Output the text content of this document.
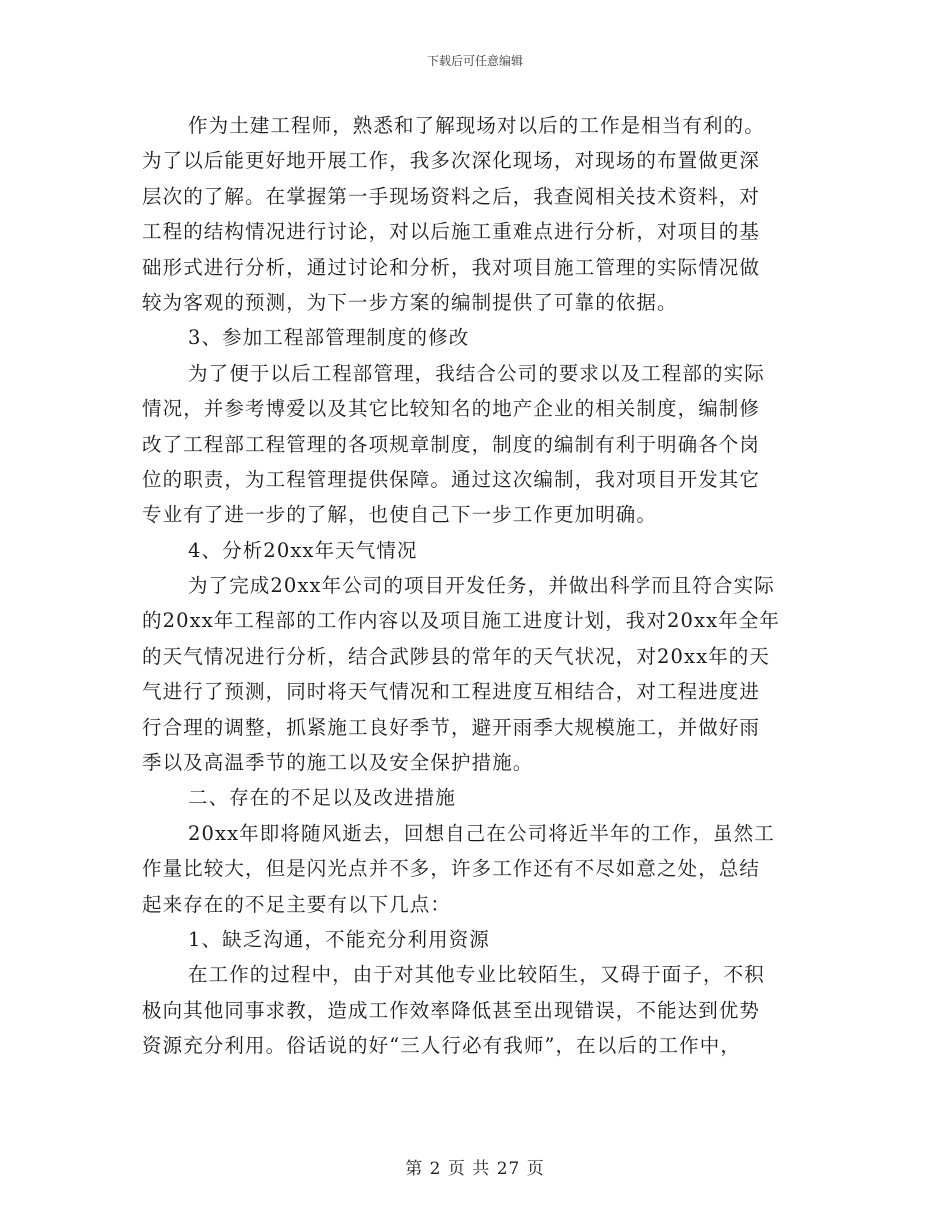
下载后可任意编辑
作为土建工程师，熟悉和了解现场对以后的工作是相当有利的。
为了以后能更好地开展工作，我多次深化现场，对现场的布置做更深
层次的了解。在掌握第一手现场资料之后，我查阅相关技术资料，对
工程的结构情况进行讨论，对以后施工重难点进行分析，对项目的基
础形式进行分析，通过讨论和分析，我对项目施工管理的实际情况做
较为客观的预测，为下一步方案的编制提供了可靠的依据。
3、参加工程部管理制度的修改
为了便于以后工程部管理，我结合公司的要求以及工程部的实际
情况，并参考博爱以及其它比较知名的地产企业的相关制度，编制修
改了工程部工程管理的各项规章制度，制度的编制有利于明确各个岗
位的职责，为工程管理提供保障。通过这次编制，我对项目开发其它
专业有了进一步的了解，也使自己下一步工作更加明确。
4、分析20xx年天气情况
为了完成20xx年公司的项目开发任务，并做出科学而且符合实际
的20xx年工程部的工作内容以及项目施工进度计划，我对20xx年全年
的天气情况进行分析，结合武陟县的常年的天气状况，对20xx年的天
气进行了预测，同时将天气情况和工程进度互相结合，对工程进度进
行合理的调整，抓紧施工良好季节，避开雨季大规模施工，并做好雨
季以及高温季节的施工以及安全保护措施。
二、存在的不足以及改进措施
20xx年即将随风逝去，回想自己在公司将近半年的工作，虽然工
作量比较大，但是闪光点并不多，许多工作还有不尽如意之处，总结
起来存在的不足主要有以下几点：
1、缺乏沟通，不能充分利用资源
在工作的过程中，由于对其他专业比较陌生，又碍于面子，不积
极向其他同事求教，造成工作效率降低甚至出现错误，不能达到优势
资源充分利用。俗话说的好“三人行必有我师”，在以后的工作中，
第 2 页 共 27 页
